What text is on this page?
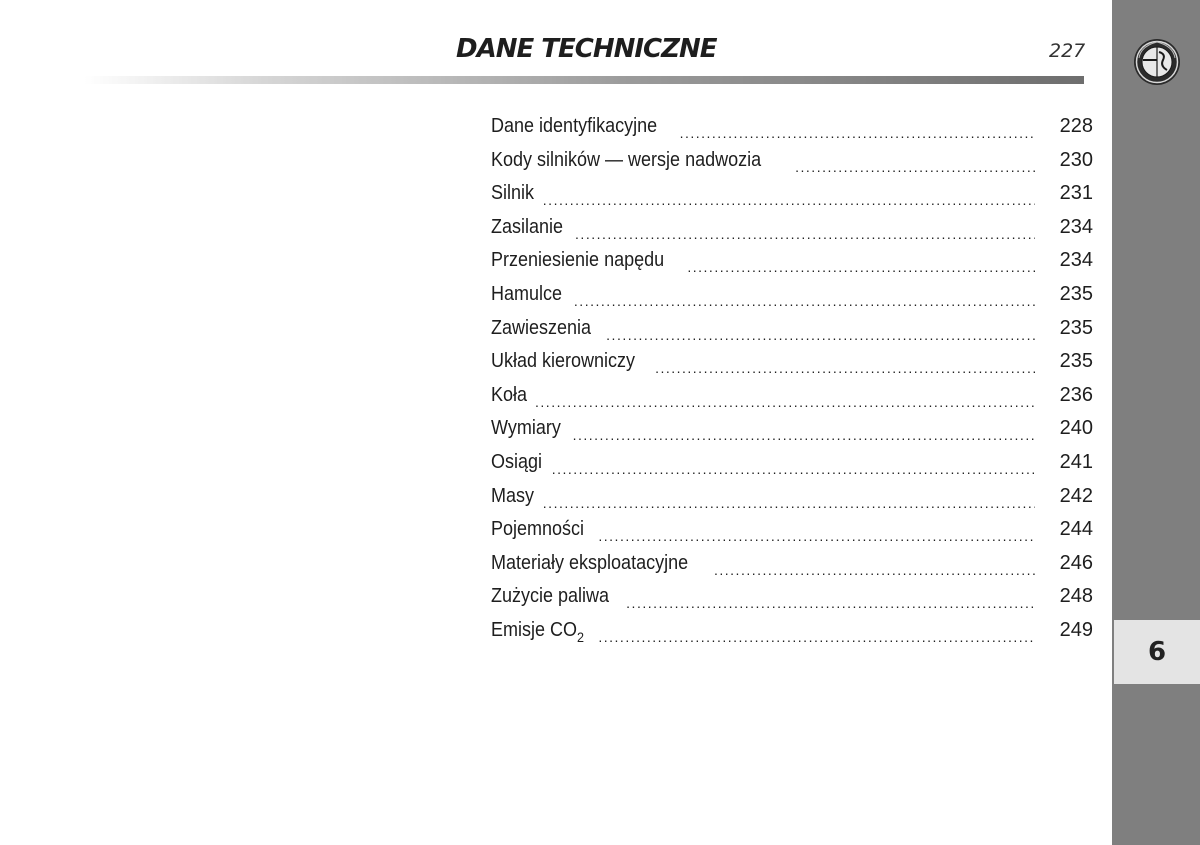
6
DANE TECHNICZNE	227
Dane identyfikacyjne .....	228
Kody silników — wersje nadwozia .....	230
Silnik .....	231
Zasilanie .....	234
Przeniesienie napędu .....	234
Hamulce .....	235
Zawieszenia .....	235
Układ kierowniczy .....	235
Koła .....	236
Wymiary .....	240
Osiągi .....	241
Masy .....	242
Pojemności .....	244
Materiały eksploatacyjne .....	246
Zużycie paliwa .....	248
Emisje $CO_2$ .....	249
